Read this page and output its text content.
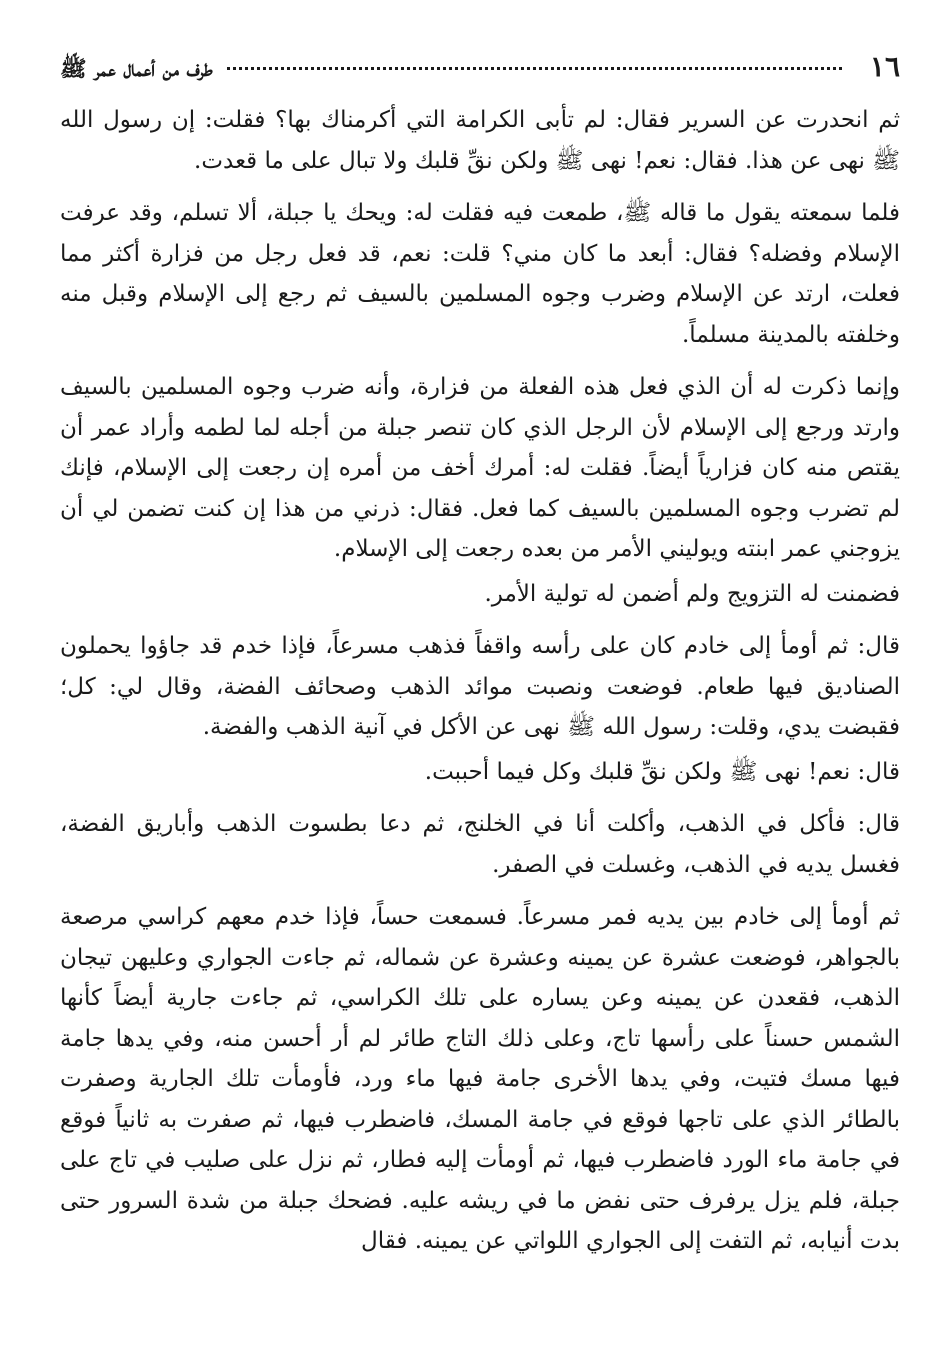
١٦
طرف من أعمال عمر ﷺ

ثم انحدرت عن السرير فقال: لم تأبى الكرامة التي أكرمناك بها؟ فقلت: إن رسول الله ﷺ نهى عن هذا. فقال: نعم! نهى ﷺ ولكن نقِّ قلبك ولا تبال على ما قعدت.

فلما سمعته يقول ما قاله ﷺ، طمعت فيه فقلت له: ويحك يا جبلة، ألا تسلم، وقد عرفت الإسلام وفضله؟ فقال: أبعد ما كان مني؟ قلت: نعم، قد فعل رجل من فزارة أكثر مما فعلت، ارتد عن الإسلام وضرب وجوه المسلمين بالسيف ثم رجع إلى الإسلام وقبل منه وخلفته بالمدينة مسلماً.

وإنما ذكرت له أن الذي فعل هذه الفعلة من فزارة، وأنه ضرب وجوه المسلمين بالسيف وارتد ورجع إلى الإسلام لأن الرجل الذي كان تنصر جبلة من أجله لما لطمه وأراد عمر أن يقتص منه كان فزارياً أيضاً. فقلت له: أمرك أخف من أمره إن رجعت إلى الإسلام، فإنك لم تضرب وجوه المسلمين بالسيف كما فعل. فقال: ذرني من هذا إن كنت تضمن لي أن يزوجني عمر ابنته ويوليني الأمر من بعده رجعت إلى الإسلام.

فضمنت له التزويج ولم أضمن له تولية الأمر.

قال: ثم أومأ إلى خادم كان على رأسه واقفاً فذهب مسرعاً، فإذا خدم قد جاؤوا يحملون الصناديق فيها طعام. فوضعت ونصبت موائد الذهب وصحائف الفضة، وقال لي: كل؛ فقبضت يدي، وقلت: رسول الله ﷺ نهى عن الأكل في آنية الذهب والفضة.

قال: نعم! نهى ﷺ ولكن نقِّ قلبك وكل فيما أحببت.

قال: فأكل في الذهب، وأكلت أنا في الخلنج، ثم دعا بطسوت الذهب وأباريق الفضة، فغسل يديه في الذهب، وغسلت في الصفر.

ثم أومأ إلى خادم بين يديه فمر مسرعاً. فسمعت حساً، فإذا خدم معهم كراسي مرصعة بالجواهر، فوضعت عشرة عن يمينه وعشرة عن شماله، ثم جاءت الجواري وعليهن تيجان الذهب، فقعدن عن يمينه وعن يساره على تلك الكراسي، ثم جاءت جارية أيضاً كأنها الشمس حسناً على رأسها تاج، وعلى ذلك التاج طائر لم أر أحسن منه، وفي يدها جامة فيها مسك فتيت، وفي يدها الأخرى جامة فيها ماء ورد، فأومأت تلك الجارية وصفرت بالطائر الذي على تاجها فوقع في جامة المسك، فاضطرب فيها، ثم صفرت به ثانياً فوقع في جامة ماء الورد فاضطرب فيها، ثم أومأت إليه فطار، ثم نزل على صليب في تاج على جبلة، فلم يزل يرفرف حتى نفض ما في ريشه عليه. فضحك جبلة من شدة السرور حتى بدت أنيابه، ثم التفت إلى الجواري اللواتي عن يمينه. فقال
